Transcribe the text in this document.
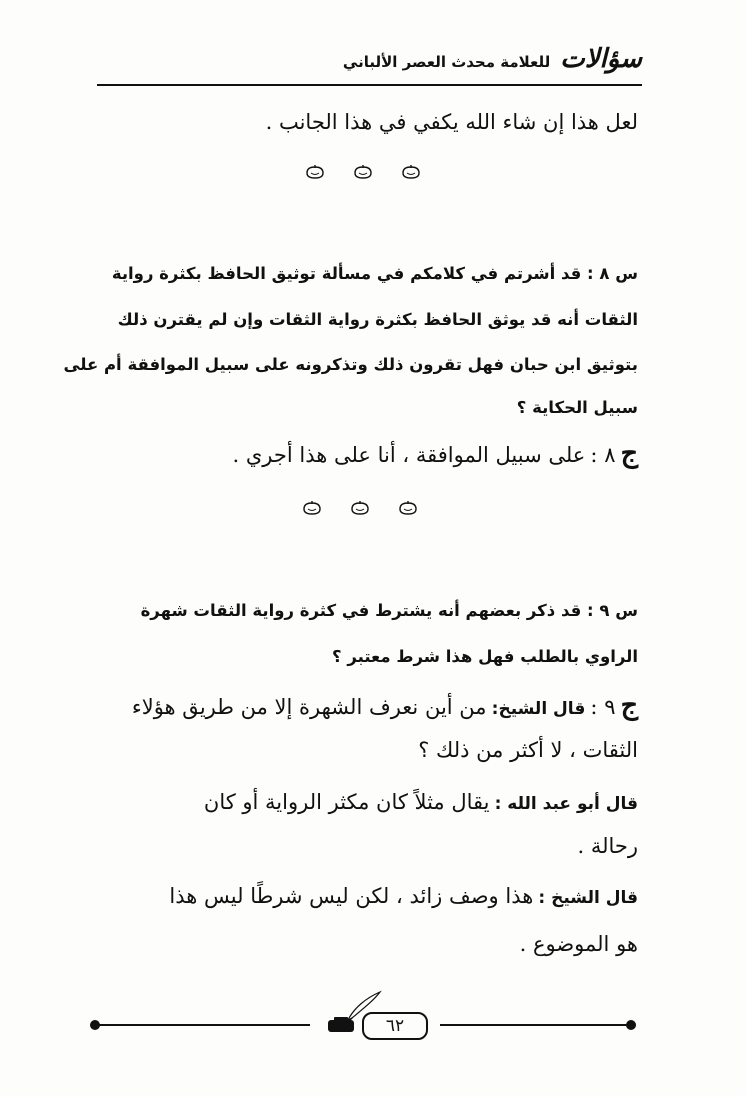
سؤالات
للعلامة محدث العصر الألباني
لعل هذا إن شاء الله يكفي في هذا الجانب .
س ٨ : قد أشرتم في كلامكم في مسألة توثيق الحافظ بكثرة رواية
الثقات أنه قد يوثق الحافظ بكثرة رواية الثقات وإن لم يقترن ذلك
بتوثيق ابن حبان فهل تقرون ذلك وتذكرونه على سبيل الموافقة أم على
سبيل الحكاية ؟
ج ٨ : على سبيل الموافقة ، أنا على هذا أجري .
س ٩ : قد ذكر بعضهم أنه يشترط في كثرة رواية الثقات شهرة
الراوي بالطلب فهل هذا شرط معتبر ؟
ج ٩ : قال الشيخ: من أين نعرف الشهرة إلا من طريق هؤلاء
الثقات ، لا أكثر من ذلك ؟
قال أبو عبد الله : يقال مثلاً كان مكثر الرواية أو كان
رحالة .
قال الشيخ : هذا وصف زائد ، لكن ليس شرطًا ليس هذا
هو الموضوع .
٦٢
